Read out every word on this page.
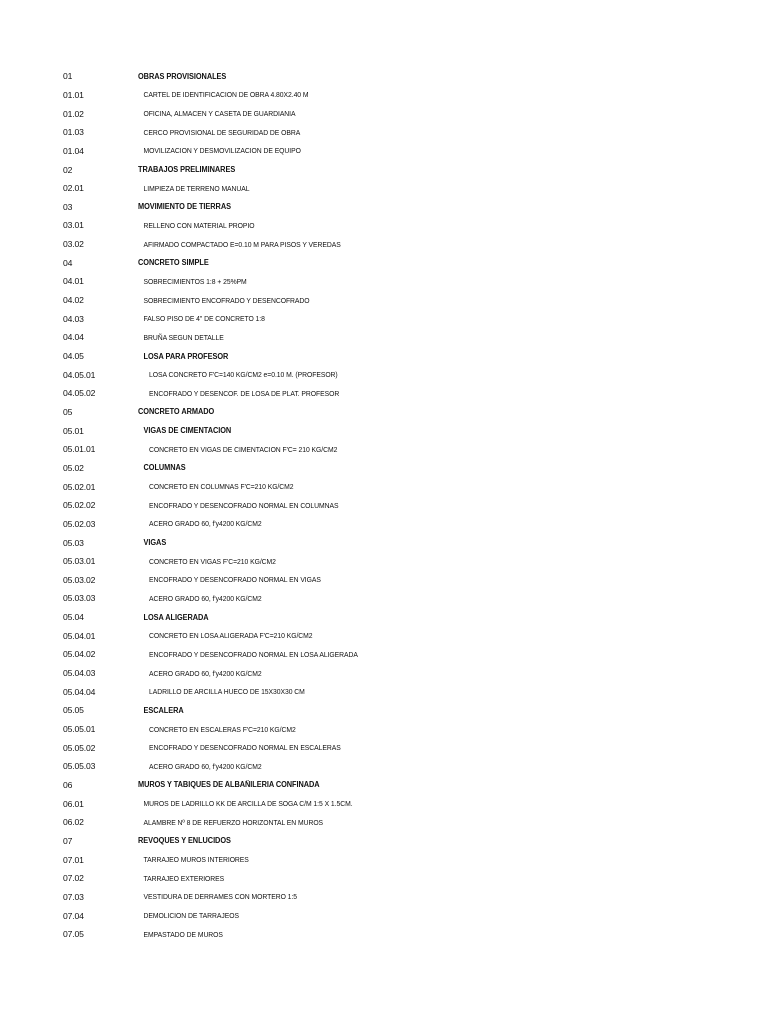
01	OBRAS PROVISIONALES
01.01	CARTEL DE IDENTIFICACION DE OBRA 4.80X2.40 M
01.02	OFICINA, ALMACEN Y CASETA DE GUARDIANIA
01.03	CERCO PROVISIONAL DE SEGURIDAD DE OBRA
01.04	MOVILIZACION Y DESMOVILIZACION DE EQUIPO
02	TRABAJOS PRELIMINARES
02.01	LIMPIEZA DE TERRENO MANUAL
03	MOVIMIENTO DE TIERRAS
03.01	RELLENO CON MATERIAL PROPIO
03.02	AFIRMADO COMPACTADO E=0.10 M PARA PISOS Y VEREDAS
04	CONCRETO SIMPLE
04.01	SOBRECIMIENTOS 1:8 + 25%PM
04.02	SOBRECIMIENTO ENCOFRADO Y DESENCOFRADO
04.03	FALSO PISO DE 4" DE CONCRETO 1:8
04.04	BRUÑA SEGUN DETALLE
04.05	LOSA PARA PROFESOR
04.05.01	LOSA CONCRETO F'C=140 KG/CM2 e=0.10 M. (PROFESOR)
04.05.02	ENCOFRADO Y DESENCOF. DE LOSA DE PLAT. PROFESOR
05	CONCRETO ARMADO
05.01	VIGAS DE CIMENTACION
05.01.01	CONCRETO EN VIGAS DE CIMENTACION F'C= 210 KG/CM2
05.02	COLUMNAS
05.02.01	CONCRETO EN COLUMNAS F'C=210 KG/CM2
05.02.02	ENCOFRADO Y DESENCOFRADO NORMAL EN COLUMNAS
05.02.03	ACERO GRADO 60, f'y4200 KG/CM2
05.03	VIGAS
05.03.01	CONCRETO EN VIGAS F'C=210 KG/CM2
05.03.02	ENCOFRADO Y DESENCOFRADO NORMAL EN VIGAS
05.03.03	ACERO GRADO 60, f'y4200 KG/CM2
05.04	LOSA ALIGERADA
05.04.01	CONCRETO EN LOSA ALIGERADA F'C=210 KG/CM2
05.04.02	ENCOFRADO Y DESENCOFRADO NORMAL EN LOSA ALIGERADA
05.04.03	ACERO GRADO 60, f'y4200 KG/CM2
05.04.04	LADRILLO DE ARCILLA HUECO DE 15X30X30 CM
05.05	ESCALERA
05.05.01	CONCRETO EN ESCALERAS F'C=210 KG/CM2
05.05.02	ENCOFRADO Y DESENCOFRADO NORMAL EN ESCALERAS
05.05.03	ACERO GRADO 60, f'y4200 KG/CM2
06	MUROS Y TABIQUES DE ALBAÑILERIA CONFINADA
06.01	MUROS DE LADRILLO KK DE ARCILLA DE SOGA C/M 1:5 X 1.5CM.
06.02	ALAMBRE Nº 8 DE REFUERZO HORIZONTAL EN MUROS
07	REVOQUES Y ENLUCIDOS
07.01	TARRAJEO MUROS INTERIORES
07.02	TARRAJEO EXTERIORES
07.03	VESTIDURA DE DERRAMES CON MORTERO 1:5
07.04	DEMOLICION DE TARRAJEOS
07.05	EMPASTADO DE MUROS
